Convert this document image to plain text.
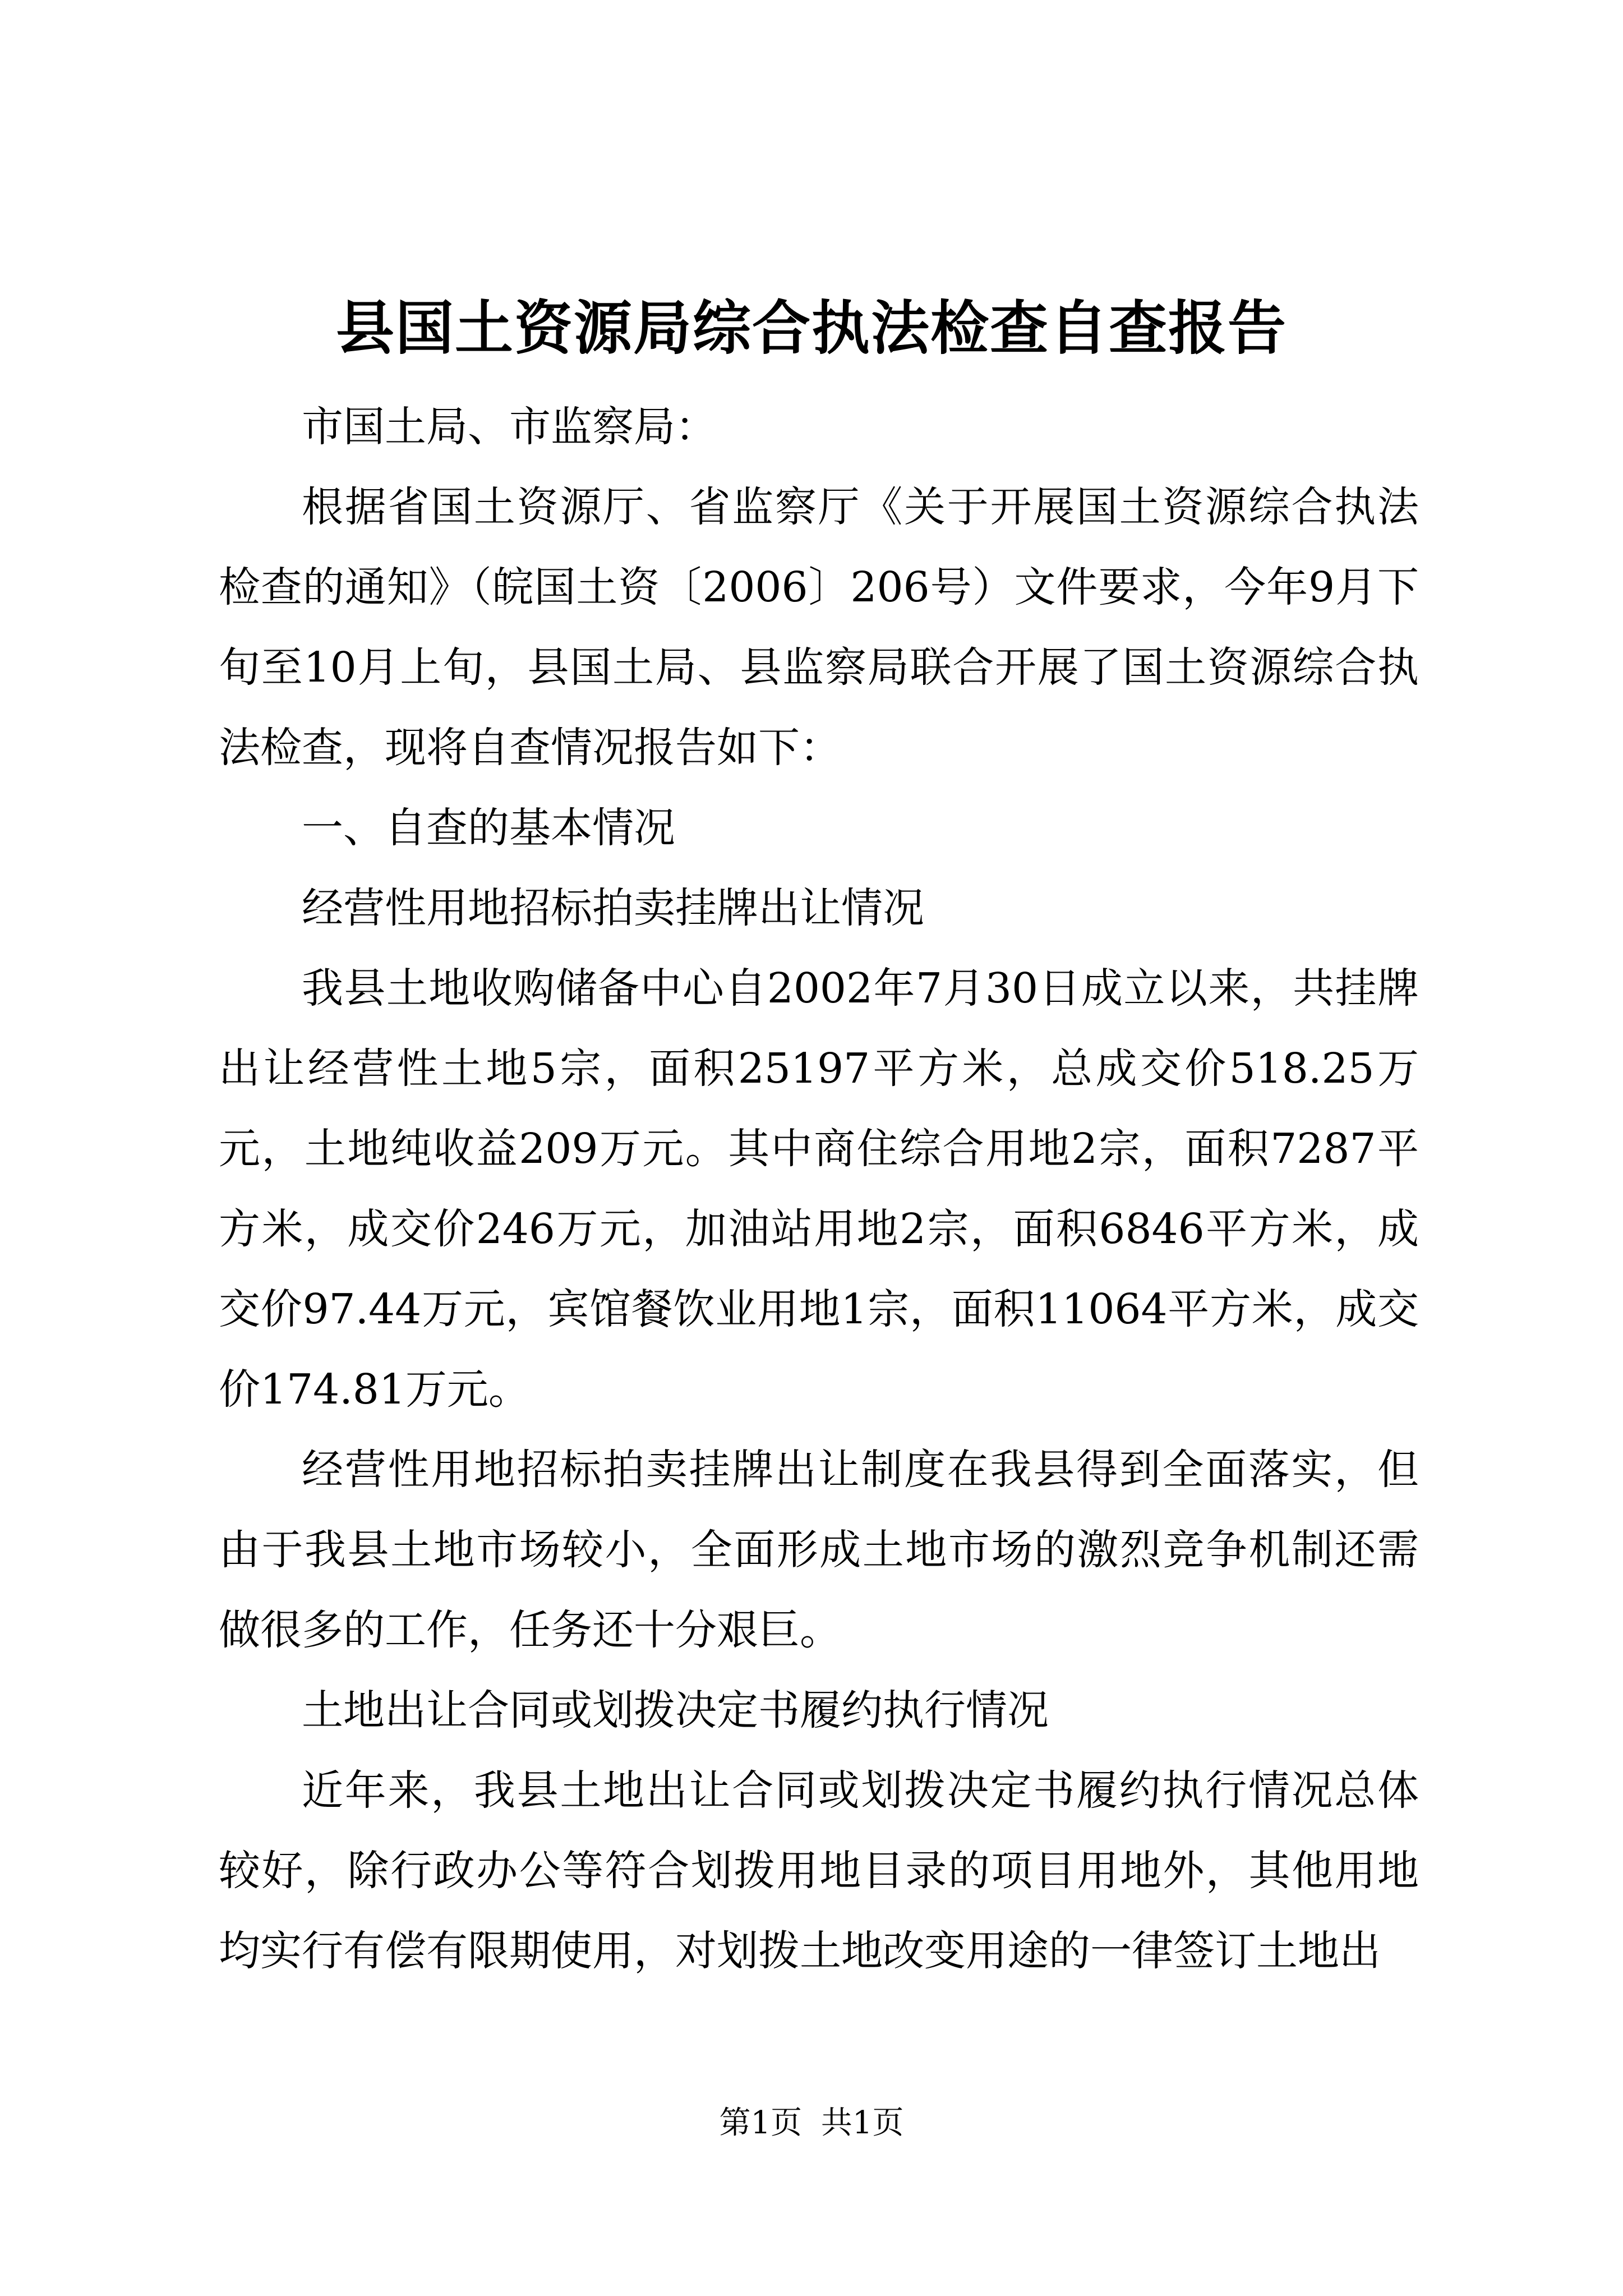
县国土资源局综合执法检查自查报告

市国土局、市监察局：

根据省国土资源厅、省监察厅《关于开展国土资源综合执法检查的通知》（皖国土资〔2006〕206号）文件要求，今年9月下旬至10月上旬，县国土局、县监察局联合开展了国土资源综合执法检查，现将自查情况报告如下：

一、自查的基本情况

经营性用地招标拍卖挂牌出让情况

我县土地收购储备中心自2002年7月30日成立以来，共挂牌出让经营性土地5宗，面积25197平方米，总成交价518.25万元，土地纯收益209万元。其中商住综合用地2宗，面积7287平方米，成交价246万元，加油站用地2宗，面积6846平方米，成交价97.44万元，宾馆餐饮业用地1宗，面积11064平方米，成交价174.81万元。

经营性用地招标拍卖挂牌出让制度在我县得到全面落实，但由于我县土地市场较小，全面形成土地市场的激烈竞争机制还需做很多的工作，任务还十分艰巨。

土地出让合同或划拨决定书履约执行情况

近年来，我县土地出让合同或划拨决定书履约执行情况总体较好，除行政办公等符合划拨用地目录的项目用地外，其他用地均实行有偿有限期使用，对划拨土地改变用途的一律签订土地出

第1页 共1页
